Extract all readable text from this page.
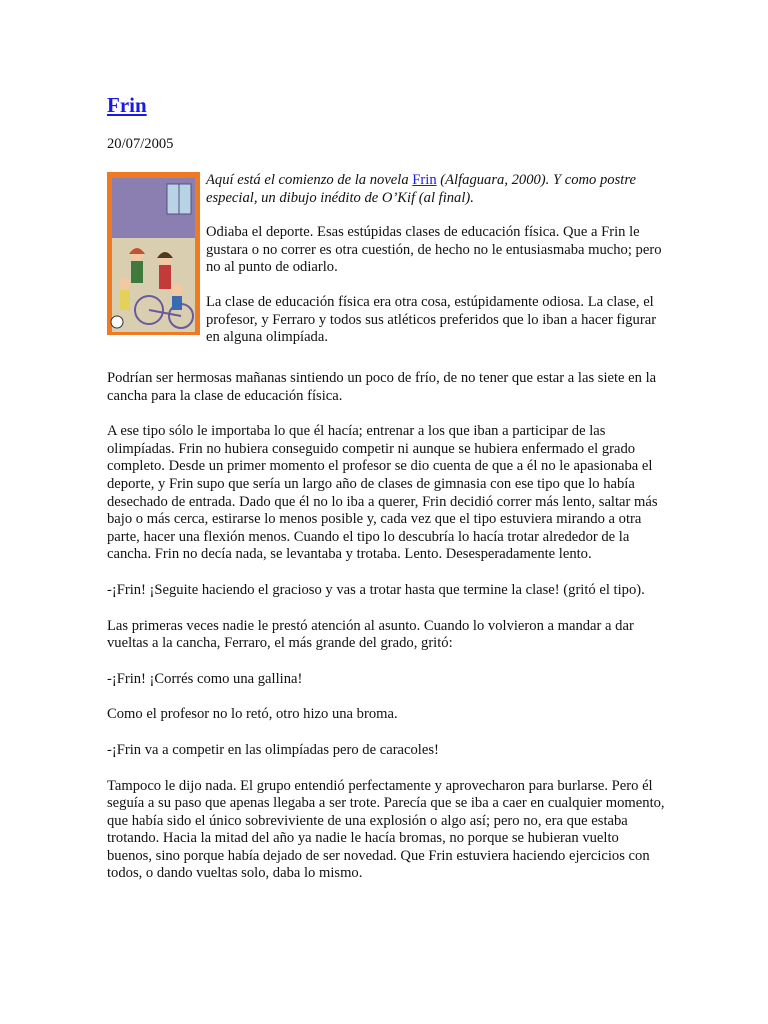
Frin

20/07/2005

Aquí está el comienzo de la novela Frin (Alfaguara, 2000). Y como postre especial, un dibujo inédito de O’Kif (al final).

Odiaba el deporte. Esas estúpidas clases de educación física. Que a Frin le gustara o no correr es otra cuestión, de hecho no le entusiasmaba mucho; pero no al punto de odiarlo.

La clase de educación física era otra cosa, estúpidamente odiosa. La clase, el profesor, y Ferraro y todos sus atléticos preferidos que lo iban a hacer figurar en alguna olimpíada.

Podrían ser hermosas mañanas sintiendo un poco de frío, de no tener que estar a las siete en la cancha para la clase de educación física.

A ese tipo sólo le importaba lo que él hacía; entrenar a los que iban a participar de las olimpíadas. Frin no hubiera conseguido competir ni aunque se hubiera enfermado el grado completo. Desde un primer momento el profesor se dio cuenta de que a él no le apasionaba el deporte, y Frin supo que sería un largo año de clases de gimnasia con ese tipo que lo había desechado de entrada. Dado que él no lo iba a querer, Frin decidió correr más lento, saltar más bajo o más cerca, estirarse lo menos posible y, cada vez que el tipo estuviera mirando a otra parte, hacer una flexión menos. Cuando el tipo lo descubría lo hacía trotar alrededor de la cancha. Frin no decía nada, se levantaba y trotaba. Lento. Desesperadamente lento.

-¡Frin! ¡Seguite haciendo el gracioso y vas a trotar hasta que termine la clase! (gritó el tipo).

Las primeras veces nadie le prestó atención al asunto. Cuando lo volvieron a mandar a dar vueltas a la cancha, Ferraro, el más grande del grado, gritó:

-¡Frin! ¡Corrés como una gallina!

Como el profesor no lo retó, otro hizo una broma.

-¡Frin va a competir en las olimpíadas pero de caracoles!

Tampoco le dijo nada. El grupo entendió perfectamente y aprovecharon para burlarse. Pero él seguía a su paso que apenas llegaba a ser trote. Parecía que se iba a caer en cualquier momento, que había sido el único sobreviviente de una explosión o algo así; pero no, era que estaba trotando. Hacia la mitad del año ya nadie le hacía bromas, no porque se hubieran vuelto buenos, sino porque había dejado de ser novedad. Que Frin estuviera haciendo ejercicios con todos, o dando vueltas solo, daba lo mismo.
